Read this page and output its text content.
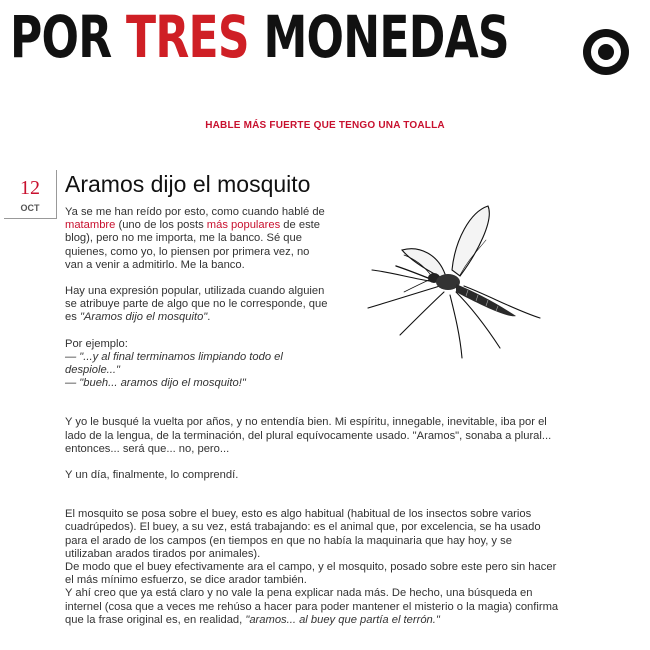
POR TRES MONEDAS
HABLE MÁS FUERTE QUE TENGO UNA TOALLA
12
OCT
Aramos dijo el mosquito

Ya se me han reído por esto, como cuando hablé de matambre (uno de los posts más populares de este blog), pero no me importa, me la banco. Sé que quienes, como yo, lo piensen por primera vez, no van a venir a admitirlo. Me la banco.

Hay una expresión popular, utilizada cuando alguien se atribuye parte de algo que no le corresponde, que es "Aramos dijo el mosquito".

Por ejemplo:
— "...y al final terminamos limpiando todo el despiole..."
— "bueh... aramos dijo el mosquito!"

Y yo le busqué la vuelta por años, y no entendía bien. Mi espíritu, innegable, inevitable, iba por el lado de la lengua, de la terminación, del plural equívocamente usado. "Aramos", sonaba a plural... entonces... será que... no, pero...

Y un día, finalmente, lo comprendí.

El mosquito se posa sobre el buey, esto es algo habitual (habitual de los insectos sobre varios cuadrúpedos). El buey, a su vez, está trabajando: es el animal que, por excelencia, se ha usado para el arado de los campos (en tiempos en que no había la maquinaria que hay hoy, y se utilizaban arados tirados por animales).

De modo que el buey efectivamente ara el campo, y el mosquito, posado sobre este pero sin hacer el más mínimo esfuerzo, se dice arador también.

Y ahí creo que ya está claro y no vale la pena explicar nada más. De hecho, una búsqueda en internel (cosa que a veces me rehúso a hacer para poder mantener el misterio o la magia) confirma que la frase original es, en realidad, "aramos... al buey que partía el terrón."
